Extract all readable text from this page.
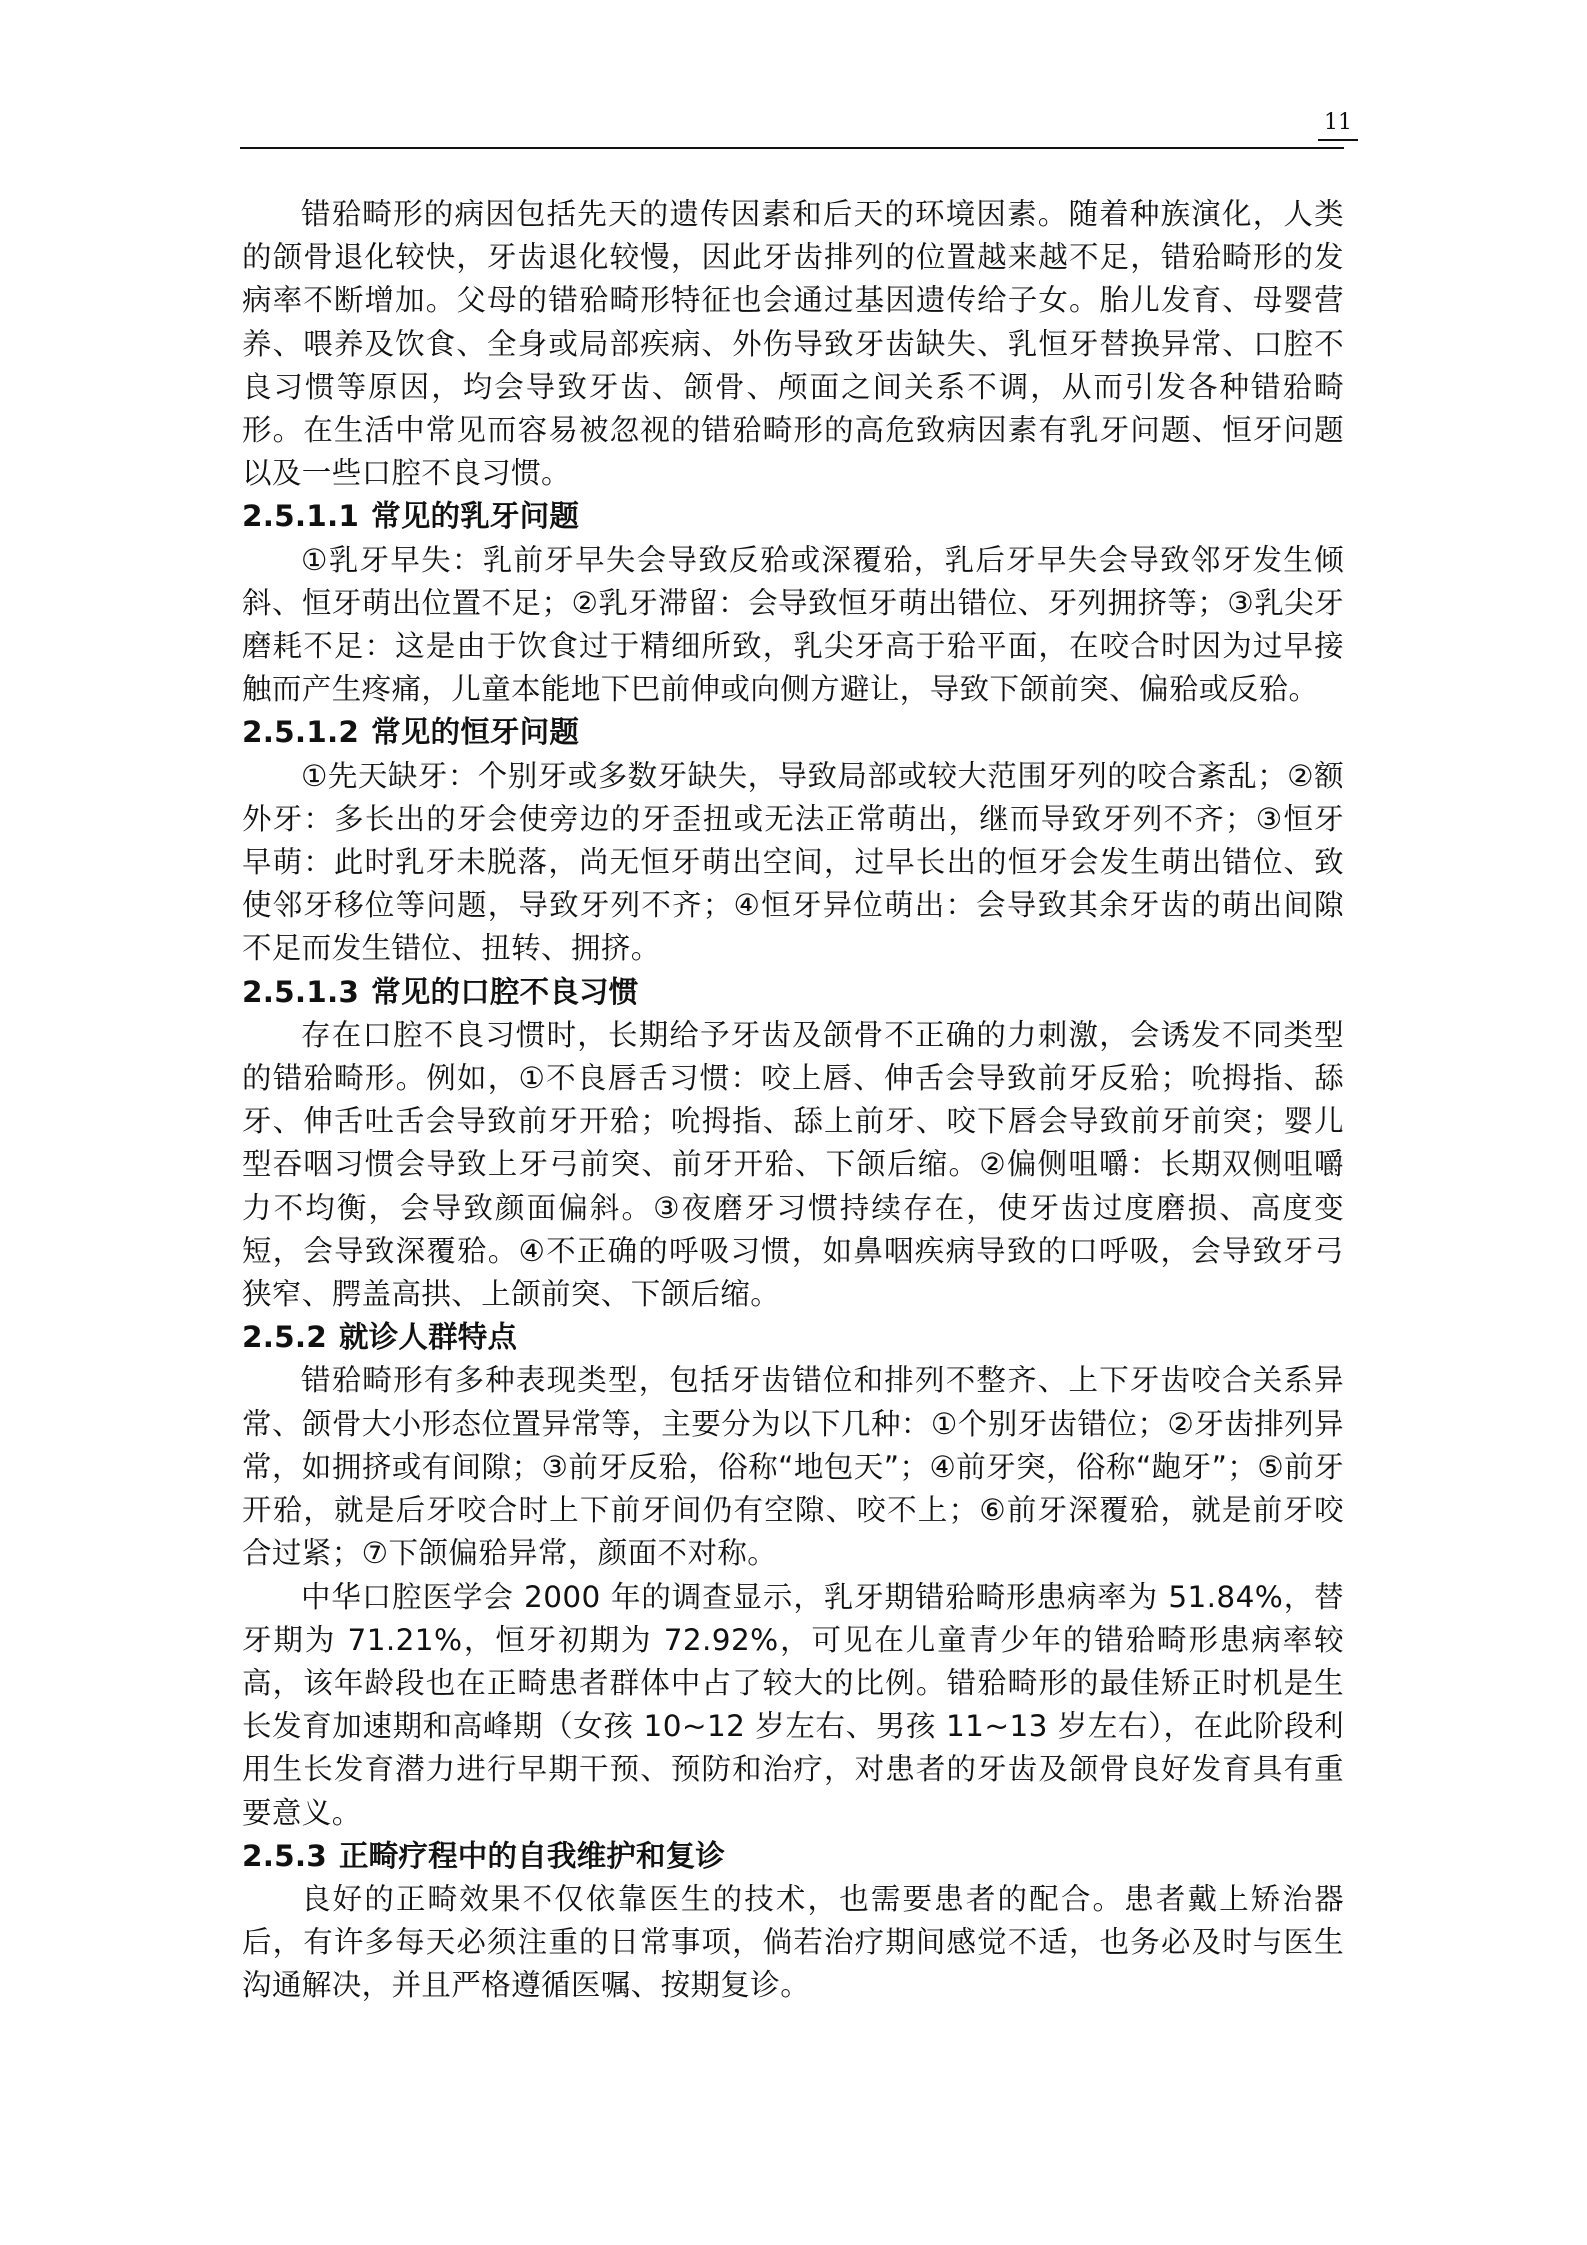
11

错𬌗畸形的病因包括先天的遗传因素和后天的环境因素。随着种族演化，人类的颌骨退化较快，牙齿退化较慢，因此牙齿排列的位置越来越不足，错𬌗畸形的发病率不断增加。父母的错𬌗畸形特征也会通过基因遗传给子女。胎儿发育、母婴营养、喂养及饮食、全身或局部疾病、外伤导致牙齿缺失、乳恒牙替换异常、口腔不良习惯等原因，均会导致牙齿、颌骨、颅面之间关系不调，从而引发各种错𬌗畸形。在生活中常见而容易被忽视的错𬌗畸形的高危致病因素有乳牙问题、恒牙问题以及一些口腔不良习惯。

2.5.1.1 常见的乳牙问题

①乳牙早失：乳前牙早失会导致反𬌗或深覆𬌗，乳后牙早失会导致邻牙发生倾斜、恒牙萌出位置不足；②乳牙滞留：会导致恒牙萌出错位、牙列拥挤等；③乳尖牙磨耗不足：这是由于饮食过于精细所致，乳尖牙高于𬌗平面，在咬合时因为过早接触而产生疼痛，儿童本能地下巴前伸或向侧方避让，导致下颌前突、偏𬌗或反𬌗。

2.5.1.2 常见的恒牙问题

①先天缺牙：个别牙或多数牙缺失，导致局部或较大范围牙列的咬合紊乱；②额外牙：多长出的牙会使旁边的牙歪扭或无法正常萌出，继而导致牙列不齐；③恒牙早萌：此时乳牙未脱落，尚无恒牙萌出空间，过早长出的恒牙会发生萌出错位、致使邻牙移位等问题，导致牙列不齐；④恒牙异位萌出：会导致其余牙齿的萌出间隙不足而发生错位、扭转、拥挤。

2.5.1.3 常见的口腔不良习惯

存在口腔不良习惯时，长期给予牙齿及颌骨不正确的力刺激，会诱发不同类型的错𬌗畸形。例如，①不良唇舌习惯：咬上唇、伸舌会导致前牙反𬌗；吮拇指、舔牙、伸舌吐舌会导致前牙开𬌗；吮拇指、舔上前牙、咬下唇会导致前牙前突；婴儿型吞咽习惯会导致上牙弓前突、前牙开𬌗、下颌后缩。②偏侧咀嚼：长期双侧咀嚼力不均衡，会导致颜面偏斜。③夜磨牙习惯持续存在，使牙齿过度磨损、高度变短，会导致深覆𬌗。④不正确的呼吸习惯，如鼻咽疾病导致的口呼吸，会导致牙弓狭窄、腭盖高拱、上颌前突、下颌后缩。

2.5.2 就诊人群特点

错𬌗畸形有多种表现类型，包括牙齿错位和排列不整齐、上下牙齿咬合关系异常、颌骨大小形态位置异常等，主要分为以下几种：①个别牙齿错位；②牙齿排列异常，如拥挤或有间隙；③前牙反𬌗，俗称“地包天”；④前牙突，俗称“龅牙”；⑤前牙开𬌗，就是后牙咬合时上下前牙间仍有空隙、咬不上；⑥前牙深覆𬌗，就是前牙咬合过紧；⑦下颌偏𬌗异常，颜面不对称。

中华口腔医学会 2000 年的调查显示，乳牙期错𬌗畸形患病率为 51.84%，替牙期为 71.21%，恒牙初期为 72.92%，可见在儿童青少年的错𬌗畸形患病率较高，该年龄段也在正畸患者群体中占了较大的比例。错𬌗畸形的最佳矫正时机是生长发育加速期和高峰期（女孩 10~12 岁左右、男孩 11~13 岁左右），在此阶段利用生长发育潜力进行早期干预、预防和治疗，对患者的牙齿及颌骨良好发育具有重要意义。

2.5.3 正畸疗程中的自我维护和复诊

良好的正畸效果不仅依靠医生的技术，也需要患者的配合。患者戴上矫治器后，有许多每天必须注重的日常事项，倘若治疗期间感觉不适，也务必及时与医生沟通解决，并且严格遵循医嘱、按期复诊。
